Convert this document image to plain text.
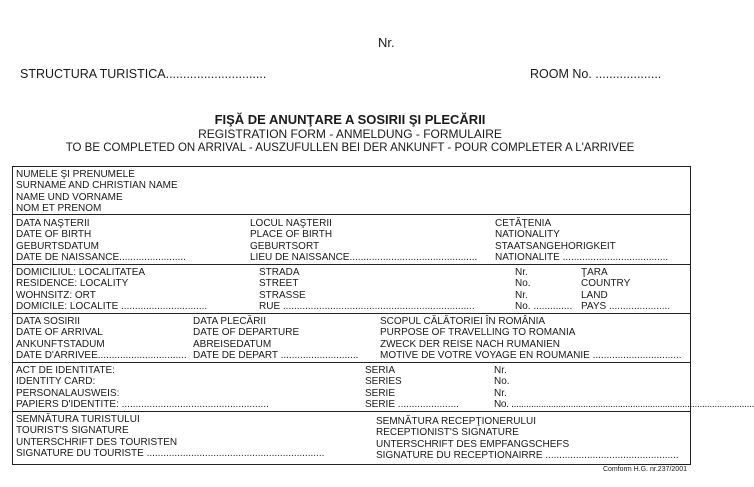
Nr.
STRUCTURA TURISTICA.............................	ROOM No. ...................
FIŞĂ DE ANUNŢARE A SOSIRII ŞI PLECĂRII
REGISTRATION FORM - ANMELDUNG - FORMULAIRE
TO BE COMPLETED ON ARRIVAL - AUSZUFULLEN BEI DER ANKUNFT - POUR COMPLETER A L'ARRIVEE
NUMELE ŞI PRENUMELE
SURNAME AND CHRISTIAN NAME
NAME UND VORNAME
NOM ET PRENOM
DATA NAŞTERII
DATE OF BIRTH
GEBURTSDATUM
DATE DE NAISSANCE........................
LOCUL NAŞTERII
PLACE OF BIRTH
GEBURTSORT
LIEU DE NAISSANCE..............................................
CETĂŢENIA
NATIONALITY
STAATSANGEHORIGKEIT
NATIONALITE ......................................
DOMICILIUL: LOCALITATEA
RESIDENCE: LOCALITY
WOHNSITZ: ORT
DOMICILE: LOCALITE ...............................
STRADA
STREET
STRASSE
RUE .....................................................................
Nr.
No.
Nr.
No. ..............
ŢARA
COUNTRY
LAND
PAYS ......................
DATA SOSIRII
DATE OF ARRIVAL
ANKUNFTSTADUM
DATE D'ARRIVEE................................
DATA PLECĂRII
DATE OF DEPARTURE
ABREISEDATUM
DATE DE DEPART ............................
SCOPUL CĂLĂTORIEI ÎN ROMÂNIA
PURPOSE OF TRAVELLING TO ROMANIA
ZWECK DER REISE NACH RUMANIEN
MOTIVE DE VOTRE VOYAGE EN ROUMANIE ................................
ACT DE IDENTITATE:
IDENTITY CARD:
PERSONALAUSWEIS:
PAPIERS D'IDENTITE: .....................................................
SERIA
SERIES
SERIE
SERIE ......................
Nr.
No.
Nr.
No. ..................................................................................................
SEMNĂTURA TURISTULUI
TOURIST'S SIGNATURE
UNTERSCHRIFT DES TOURISTEN
SIGNATURE DU TOURISTE ................................................................
SEMNĂTURA RECEPŢIONERULUI
RECEPTIONIST'S SIGNATURE
UNTERSCHRIFT DES EMPFANGSCHEFS
SIGNATURE DU RECEPTIONAIRRE ................................................
Comform H.G. nr.237/2001
